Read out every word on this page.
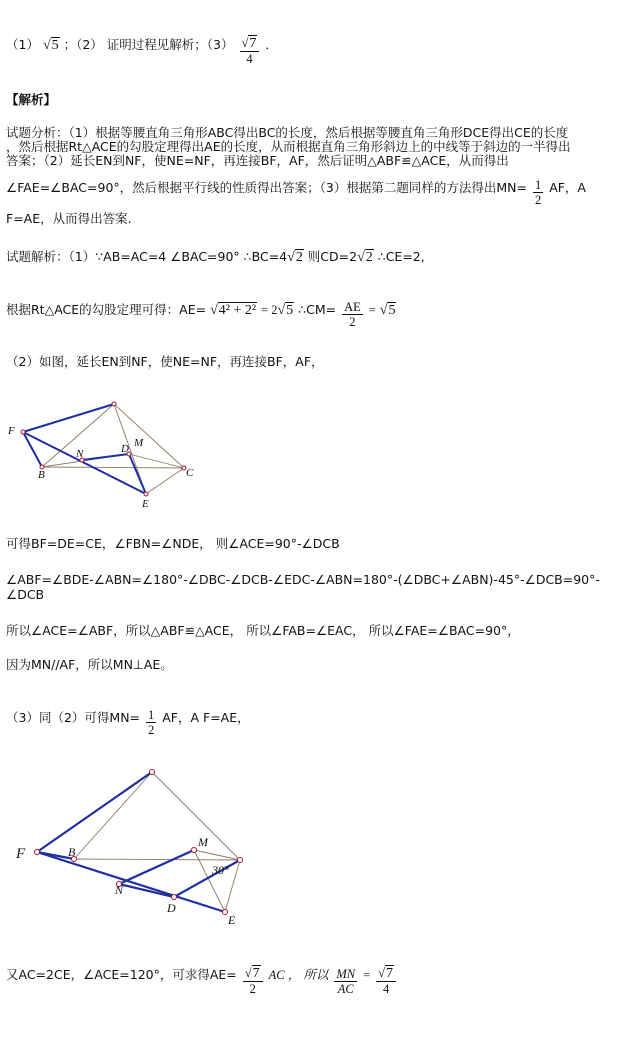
（1） √5 ；（2） 证明过程见解析；$(3) \frac{√7}{4}$ ．
【解析】
试题分析：（1）根据等腰直角三角形ABC得出BC的长度，然后根据等腰直角三角形DCE得出CE的长度
，然后根据Rt△ACE的勾股定理得出AE的长度，从而根据直角三角形斜边上的中线等于斜边的一半得出
答案；（2）延长EN到NF，使NE=NF，再连接BF，AF，然后证明△ABF≌△ACE，从而得出
∠FAE=∠BAC=90°，然后根据平行线的性质得出答案；（3）根据第二题同样的方法得出$MN= \frac{1}{2}$ AF，A
F=AE，从而得出答案.
试题解析：（1）∵AB=AC=4 ∠BAC=90° ∴BC=4√2 则CD=2√2 ∴CE=2,
根据Rt△ACE的勾股定理可得：AE= √4² + 2² = 2√5 ∴CM= $\frac{AE}{2} = √5$
（2）如图，延长EN到NF，使NE=NF，再连接BF，AF，
F
B
N	D M
C
E
可得BF=DE=CE，∠FBN=∠NDE， 则∠ACE=90°-∠DCB
∠ABF=∠BDE-∠ABN=∠180°-∠DBC-∠DCB-∠EDC-∠ABN=180°-(∠DBC+∠ABN)-45°-∠DCB=90°-∠DCB
所以∠ACE=∠ABF，所以△ABF≌△ACE， 所以∠FAB=∠EAC， 所以∠FAE=∠BAC=90°，
因为MN//AF，所以MN⊥AE。
（3）同（2）可得$MN= \frac{1}{2}$ AF，A F=AE，
F	B
N
D
M
E
30°
又AC=2CE，∠ACE=120°，可求得$AE= \frac{√7}{2}$ AC ， 所以 $\frac{MN}{AC} = \frac{√7}{4}$
